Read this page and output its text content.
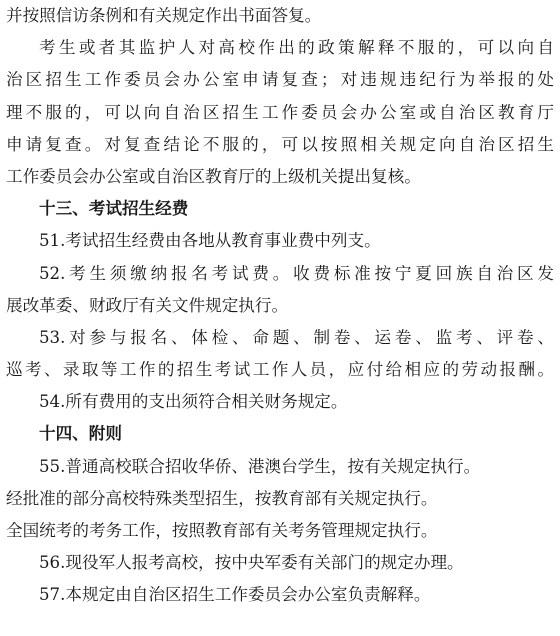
并按照信访条例和有关规定作出书面答复。
考生或者其监护人对高校作出的政策解释不服的，可以向自
治区招生工作委员会办公室申请复查；对违规违纪行为举报的处
理不服的，可以向自治区招生工作委员会办公室或自治区教育厅
申请复查。对复查结论不服的，可以按照相关规定向自治区招生
工作委员会办公室或自治区教育厅的上级机关提出复核。
十三、考试招生经费
51.考试招生经费由各地从教育事业费中列支。
52.考生须缴纳报名考试费。收费标准按宁夏回族自治区发
展改革委、财政厅有关文件规定执行。
53.对参与报名、体检、命题、制卷、运卷、监考、评卷、
巡考、录取等工作的招生考试工作人员，应付给相应的劳动报酬。
54.所有费用的支出须符合相关财务规定。
十四、附则
55.普通高校联合招收华侨、港澳台学生，按有关规定执行。
经批准的部分高校特殊类型招生，按教育部有关规定执行。
全国统考的考务工作，按照教育部有关考务管理规定执行。
56.现役军人报考高校，按中央军委有关部门的规定办理。
57.本规定由自治区招生工作委员会办公室负责解释。
